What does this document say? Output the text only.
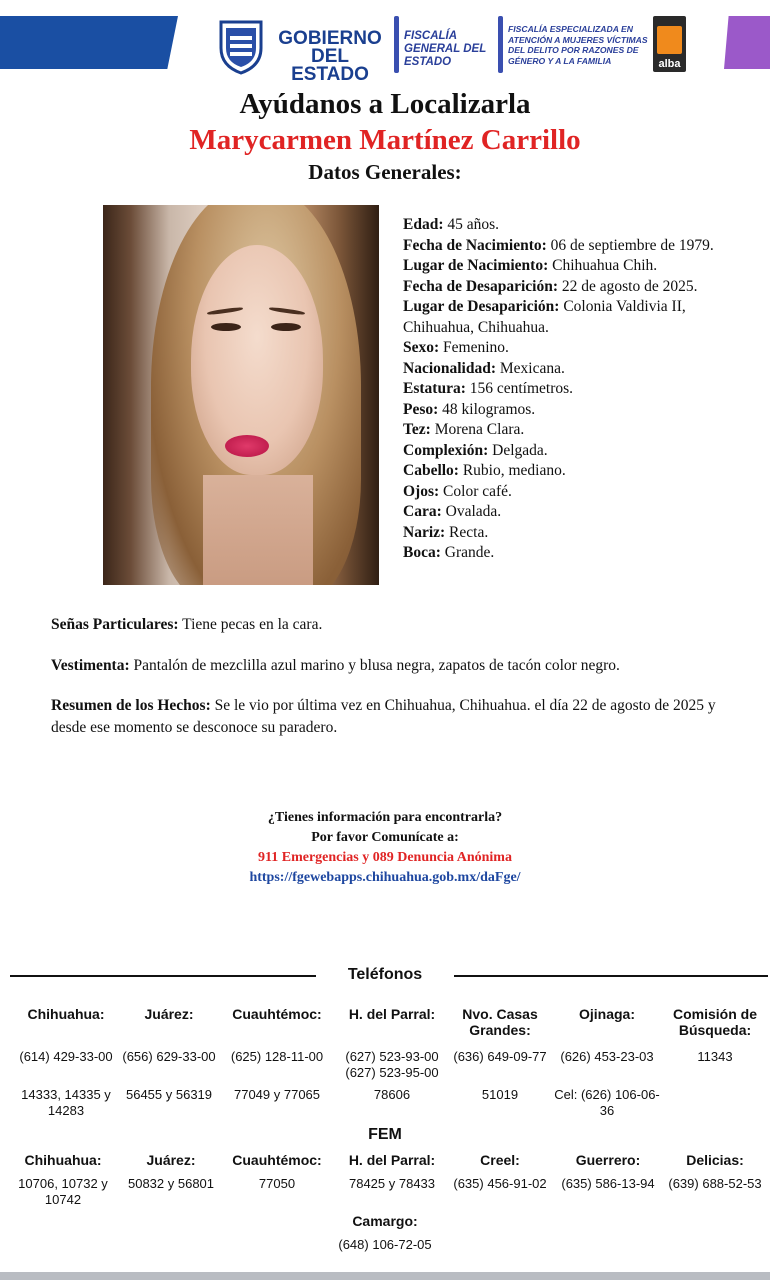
GOBIERNO DEL ESTADO
FISCALÍA GENERAL DEL ESTADO
FISCALÍA ESPECIALIZADA EN ATENCIÓN A MUJERES VÍCTIMAS DEL DELITO POR RAZONES DE GÉNERO Y A LA FAMILIA	alba
Ayúdanos a Localizarla
Marycarmen Martínez Carrillo
Datos Generales:
Edad: 45 años.
Fecha de Nacimiento: 06 de septiembre de 1979.
Lugar de Nacimiento: Chihuahua Chih.
Fecha de Desaparición: 22 de agosto de 2025.
Lugar de Desaparición: Colonia Valdivia II, Chihuahua, Chihuahua.
Sexo: Femenino.
Nacionalidad: Mexicana.
Estatura: 156 centímetros.
Peso: 48 kilogramos.
Tez: Morena Clara.
Complexión: Delgada.
Cabello: Rubio, mediano.
Ojos: Color café.
Cara: Ovalada.
Nariz: Recta.
Boca: Grande.
Señas Particulares: Tiene pecas en la cara.
Vestimenta: Pantalón de mezclilla azul marino y blusa negra, zapatos de tacón color negro.
Resumen de los Hechos: Se le vio por última vez en Chihuahua, Chihuahua. el día 22 de agosto de 2025 y desde ese momento se desconoce su paradero.
¿Tienes información para encontrarla?
Por favor Comunícate a:
911 Emergencias y 089 Denuncia Anónima
https://fgewebapps.chihuahua.gob.mx/daFge/
Teléfonos
Chihuahua:
(614) 429-33-00
14333, 14335 y 14283
Juárez:
(656) 629-33-00
56455 y 56319
Cuauhtémoc:
(625) 128-11-00
77049 y 77065
H. del Parral:
(627) 523-93-00 (627) 523-95-00
78606
Nvo. Casas Grandes:
(636) 649-09-77
51019
Ojinaga:
(626) 453-23-03
Cel: (626) 106-06-36
Comisión de Búsqueda:
11343
FEM
Chihuahua:
10706, 10732 y 10742
Juárez:
50832 y 56801
Cuauhtémoc:
77050
H. del Parral:
78425 y 78433
Creel:
(635) 456-91-02
Guerrero:
(635) 586-13-94
Delicias:
(639) 688-52-53
Camargo:
(648) 106-72-05
